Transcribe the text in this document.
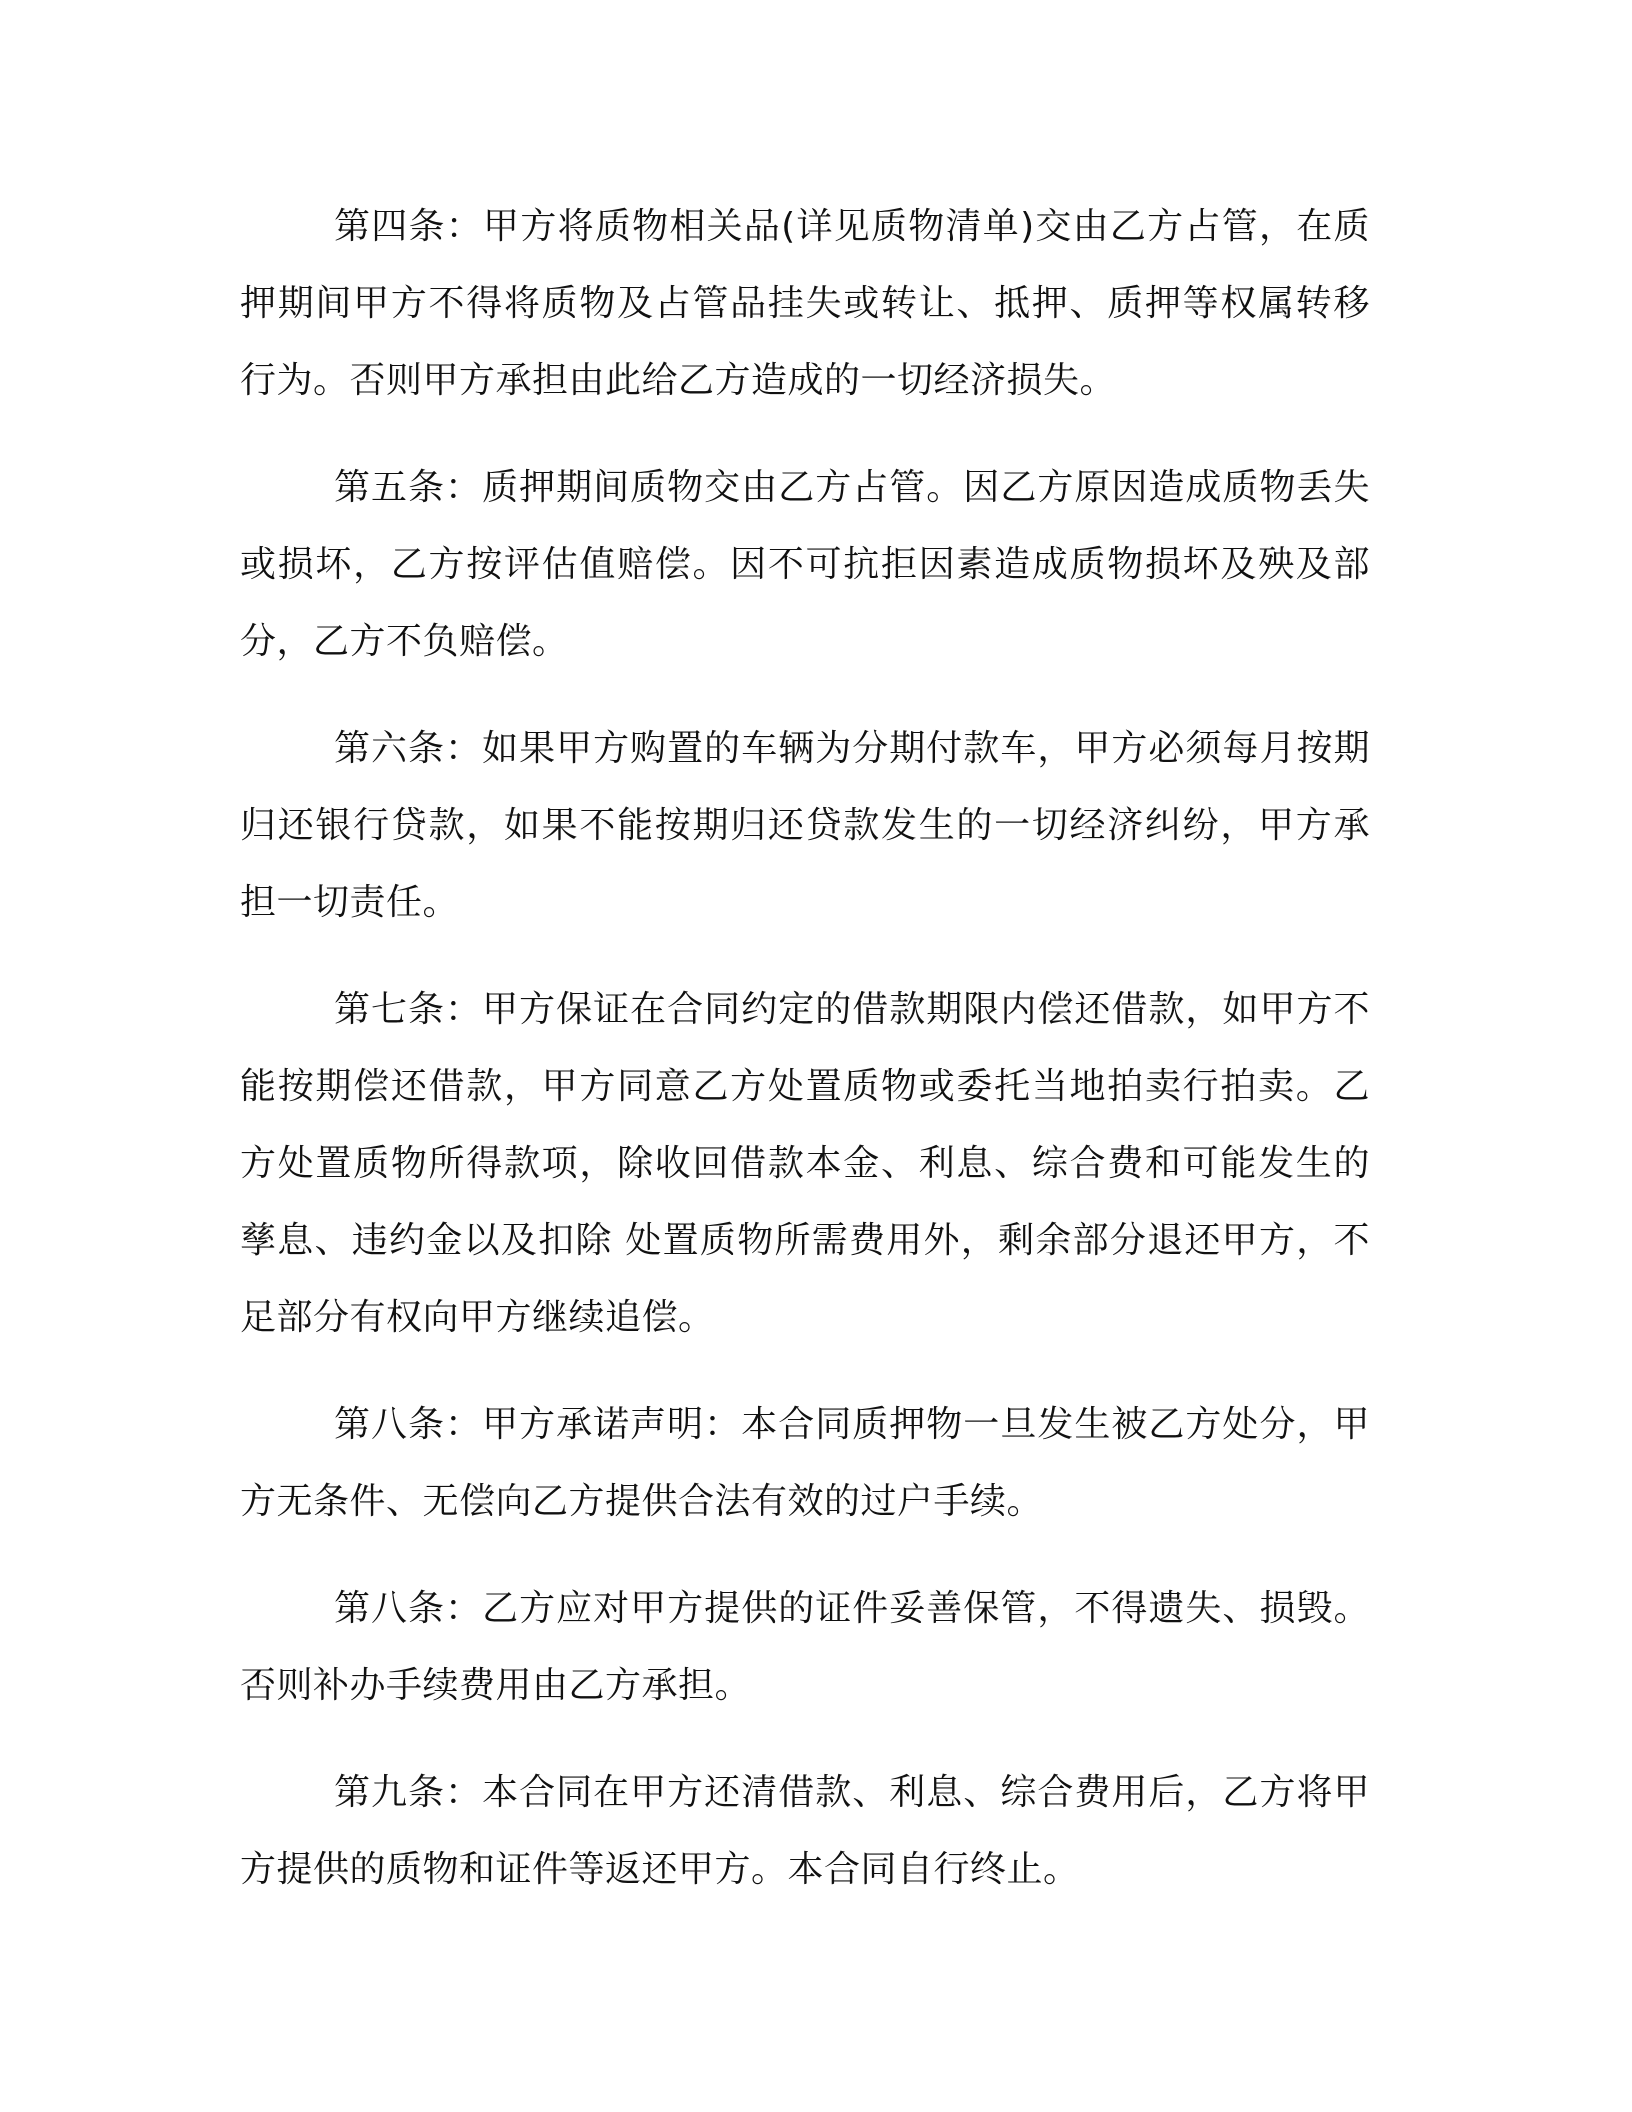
第四条：甲方将质物相关品(详见质物清单)交由乙方占管，在质押期间甲方不得将质物及占管品挂失或转让、抵押、质押等权属转移行为。否则甲方承担由此给乙方造成的一切经济损失。

第五条：质押期间质物交由乙方占管。因乙方原因造成质物丢失或损坏，乙方按评估值赔偿。因不可抗拒因素造成质物损坏及殃及部分，乙方不负赔偿。

第六条：如果甲方购置的车辆为分期付款车，甲方必须每月按期归还银行贷款，如果不能按期归还贷款发生的一切经济纠纷，甲方承担一切责任。

第七条：甲方保证在合同约定的借款期限内偿还借款，如甲方不能按期偿还借款，甲方同意乙方处置质物或委托当地拍卖行拍卖。乙方处置质物所得款项，除收回借款本金、利息、综合费和可能发生的孳息、违约金以及扣除 处置质物所需费用外，剩余部分退还甲方，不足部分有权向甲方继续追偿。

第八条：甲方承诺声明：本合同质押物一旦发生被乙方处分，甲方无条件、无偿向乙方提供合法有效的过户手续。

第八条：乙方应对甲方提供的证件妥善保管，不得遗失、损毁。否则补办手续费用由乙方承担。

第九条：本合同在甲方还清借款、利息、综合费用后，乙方将甲方提供的质物和证件等返还甲方。本合同自行终止。
